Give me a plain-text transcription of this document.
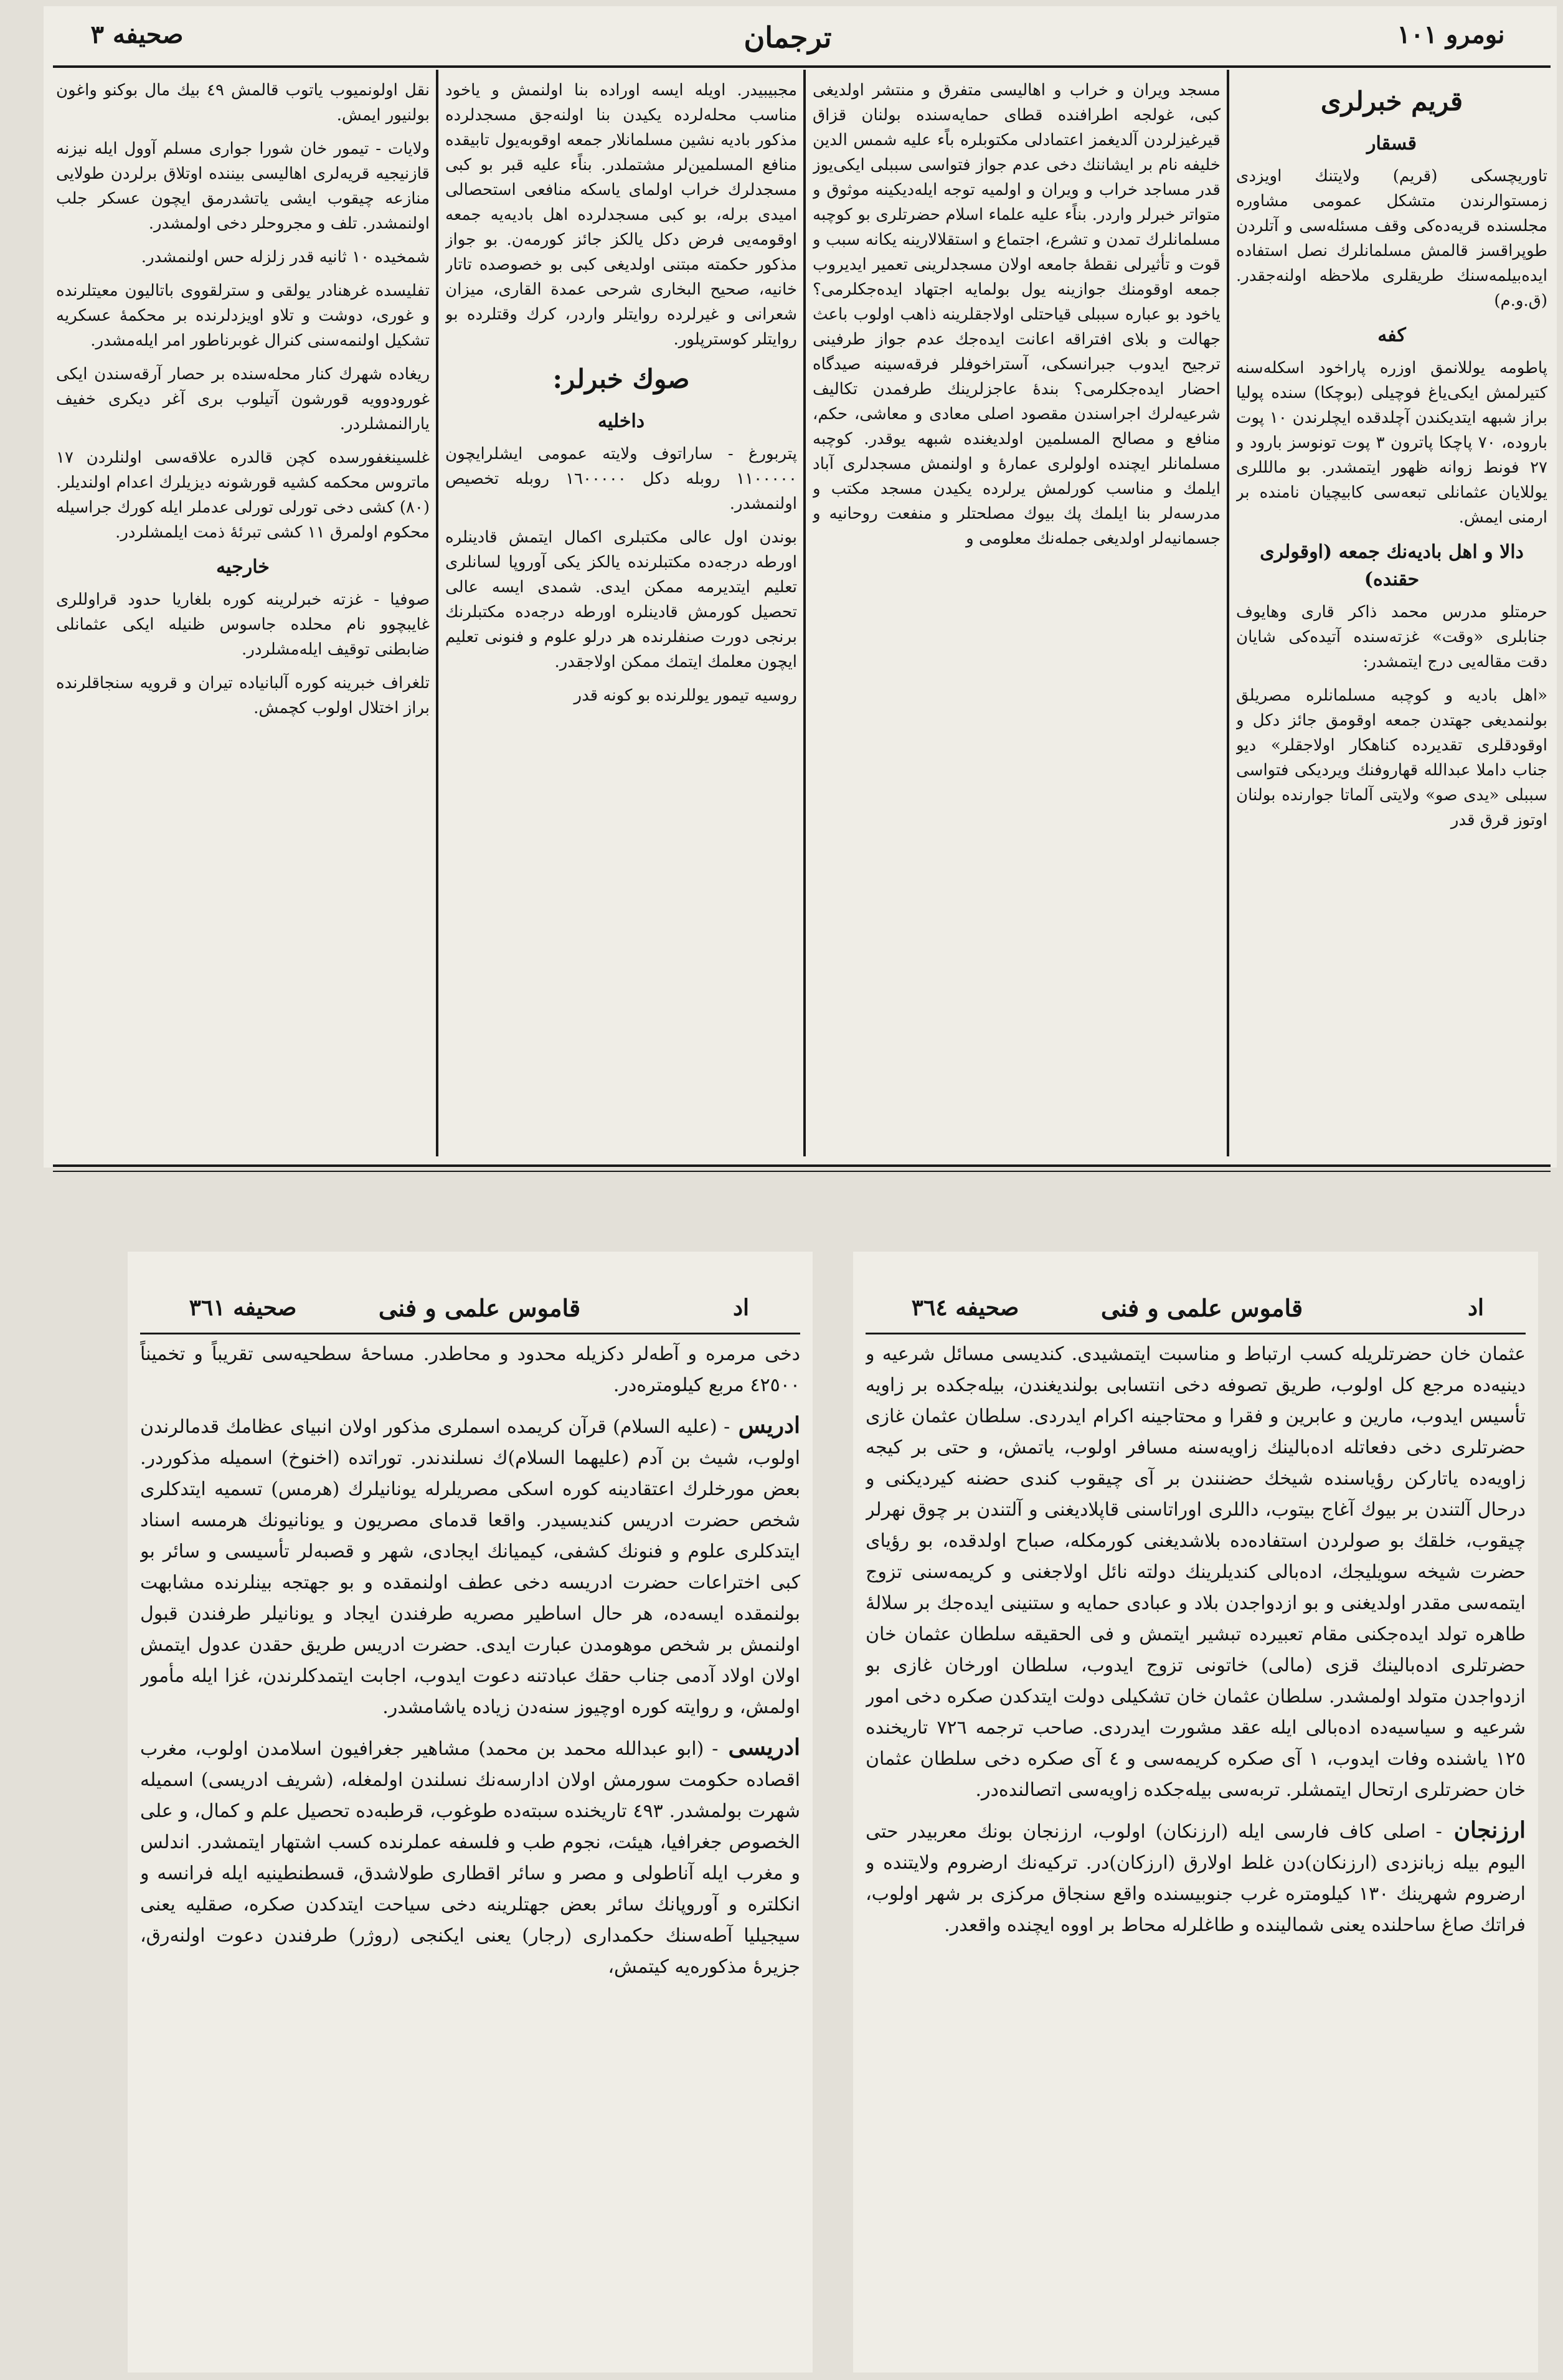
نومرو ١٠١
ترجمان
صحیفه ۳
قریم خبرلری
قسقار

تاوریچسکی (قریم) ولایتنك اویزدی زمستوالرندن متشکل عمومی مشاوره مجلسنده قریه‌ده‌کی وقف مسئله‌سی و آتلردن طوپراقسز قالمش مسلمانلرك نصل استفاده ایده‌بیلمه‌سنك طریقلری ملاحظه اولنه‌جقدر. (ق.و.م)

کفه

پاطومه یوللانمق اوزره پاراخود اسکله‌سنه کتیرلمش ایکی‌یاغ فوچیلی (بوچکا) سنده پولیا براز شبهه ایتدیکندن آچلدقده ایچلرندن ١٠ پوت باروده، ٧٠ پاچکا پاترون ٣ پوت تونوسز بارود و ٢٧ فونط زوانه ظهور ایتمشدر. بو مالللری یوللایان عثمانلی تبعه‌سی کابیچیان نامنده بر ارمنی ایمش.

دالا و اهل بادیه‌نك جمعه (اوقولری حقنده)

حرمتلو مدرس محمد ذاکر قاری وهایوف جنابلری «وقت» غزته‌سنده آتیده‌کی شایان دقت مقاله‌یی درج ایتمشدر:

«اهل بادیه و کوچبه مسلمانلره مصریلق بولنمدیغی جهتدن جمعه اوقومق جائز دکل و اوقودقلری تقدیرده کناهکار اولاجقلر» دیو جناب داملا عبدالله قهاروفنك ویردیکی فتواسی سببلی «یدی صو» ولایتی آلماتا جوارنده بولنان اوتوز قرق قدر

مسجد ویران و خراب و اهالیسی متفرق و منتشر اولدیغی کبی، غولجه اطرافنده قطای حمایه‌سنده بولنان قزاق قیرغیزلردن آلدیغمز اعتمادلی مکتوبلره باًء علیه شمس الدین خلیفه نام بر ایشاننك دخی عدم جواز فتواسی سببلی ایکی‌یوز قدر مساجد خراب و ویران و اولمیه توجه ایله‌دیکینه موثوق و متواتر خبرلر واردر. بناًء علیه علماء اسلام حضرتلری بو کوچبه مسلمانلرك تمدن و تشرع، اجتماع و استقلالارینه یکانه سبب و قوت و تأثیرلی نقطهٔ جامعه اولان مسجدلرینی تعمیر ایدیروب جمعه اوقومنك جوازینه یول بولمایه اجتهاد ایده‌جکلرمی؟ یاخود بو عباره سببلی قیاحتلی اولاجقلرینه ذاهب اولوب باعث جهالت و بلای افتراقه اعانت ایده‌جك عدم جواز طرفینی ترجیح ایدوب جبرانسکی، آستراخوفلر فرقه‌سینه صیدگاه احضار ایده‌جکلرمی؟ بندهٔ عاجزلرینك طرفمدن تکالیف شرعیه‌لرك اجراسندن مقصود اصلی معادی و معاشی، حکم، منافع و مصالح المسلمین اولدیغنده شبهه یوقدر. کوچبه مسلمانلر ایچنده اولولری عمارهٔ و اولنمش مسجدلری آباد ایلمك و مناسب کورلمش یرلرده یکیدن مسجد مکتب و مدرسه‌لر بنا ایلمك پك بیوك مصلحتلر و منفعت روحانیه و جسمانیه‌لر اولدیغی جمله‌نك معلومی و

مجبیبیدر. اویله ایسه اوراده بنا اولنمش و یاخود مناسب محله‌لرده یکیدن بنا اولنه‌جق مسجدلرده مذکور بادیه نشین مسلمانلار جمعه اوقوبه‌یول تابیقده منافع المسلمین‌لر مشتملدر. بناًء علیه قبر بو کبی مسجدلرك خراب اولمای یاسکه منافعی استحصالی امیدی برله، بو کبی مسجدلرده اهل بادیه‌یه جمعه اوقومه‌یی فرض دکل یالکز جائز کورمه‌ن. بو جواز مذکور حکمته مبتنی اولدیغی کبی بو خصوصده تاتار خانیه، صحیح البخاری شرحی عمدة القاری، میزان شعرانی و غیرلرده روایتلر واردر، کرك وقتلرده بو روایتلر کوسترپلور.

صوك خبرلر:
داخلیه

پتربورغ - ساراتوف ولایته عمومی ایشلرایچون ١١٠٠٠٠٠ روبله دکل ١٦٠٠٠٠٠ روبله تخصیص اولنمشدر.

بوندن اول عالی مکتبلری اکمال ایتمش قادینلره اورطه درجه‌ده مکتبلرنده یالکز یکی آوروپا لسانلری تعلیم ایتدیرمه ممکن ایدی. شمدی ایسه عالی تحصیل کورمش قادینلره اورطه درجه‌ده مکتبلرنك برنجی دورت صنفلرنده هر درلو علوم و فنونی تعلیم ایچون معلمك ایتمك ممکن اولاجقدر.

روسیه تیمور یوللرنده بو کونه قدر

نقل اولونمیوب یاتوب قالمش ٤٩ بیك مال بوکنو واغون بولنیور ایمش.

ولایات - تیمور خان شورا جواری مسلم آوول ایله نیزنه قازنیجیه قریه‌لری اهالیسی بیننده اوتلاق برلردن طولایی منازعه چیقوب ایشی یاتشدرمق ایچون عسکر جلب اولنمشدر. تلف و مجروحلر دخی اولمشدر.

شمخیده ١٠ ثانیه قدر زلزله حس اولنمشدر.

تفلیسده غرهنادر یولقی و سترلقووی باتالیون معیتلرنده و غوری، دوشت و تلاو اویزدلرنده بر محکمهٔ عسکریه تشکیل اولنمه‌سنی کنرال غوبرناطور امر ایله‌مشدر.

ریغاده شهرك کنار محله‌سنده بر حصار آرقه‌سندن ایکی غورودوویه قورشون آتیلوب بری آغر دیکری خفیف یارالنمشلردر.

غلسینغفورسده کچن قالدره علاقه‌سی اولنلردن ١٧ ماتروس محکمه کشیه قورشونه دیزیلرك اعدام اولندیلر. (٨٠) کشی دخی تورلی تورلی عدملر ایله کورك جراسیله محکوم اولمرق ١١ کشی تبرئهٔ ذمت ایلمشلردر.

خارجیه

صوفیا - غزته خبرلرینه کوره بلغاریا حدود قراوللری غایبچوو نام محلده جاسوس ظنیله ایکی عثمانلی ضابطنی توقیف ایله‌مشلردر.

تلغراف خبرینه کوره آلبانیاده تیران و قرویه سنجاقلرنده براز اختلال اولوب کچمش.

صحیفه ٣٦١	قاموس علمی و فنی	اد

دخی مرمره و آطه‌لر دکزیله محدود و محاطدر. مساحهٔ سطحیه‌سی تقریباً و تخمیناً ٤٢٥٠٠ مربع کیلومتره‌در.

ادریس - (علیه السلام) قرآن کریمده اسملری مذکور اولان انبیای عظامك قدمالرندن اولوب، شیث بن آدم (علیهما السلام)ك نسلندندر. توراتده (اخنوخ) اسمیله مذکوردر. بعض مورخلرك اعتقادینه کوره اسکی مصریلرله یونانیلرك (هرمس) تسمیه ایتدکلری شخص حضرت ادریس کندیسیدر. واقعا قدمای مصریون و یونانیونك هرمسه اسناد ایتدکلری علوم و فنونك کشفی، کیمیانك ایجادی، شهر و قصبه‌لر تأسیسی و سائر بو کبی اختراعات حضرت ادریسه دخی عطف اولنمقده و بو جهتجه بینلرنده مشابهت بولنمقده ایسه‌ده، هر حال اساطیر مصریه طرفندن ایجاد و یونانیلر طرفندن قبول اولنمش بر شخص موهومدن عبارت ایدی. حضرت ادریس طریق حقدن عدول ایتمش اولان اولاد آدمی جناب حقك عبادتنه دعوت ایدوب، اجابت ایتمدکلرندن، غزا ایله مأمور اولمش، و روایته کوره اوچیوز سنه‌دن زیاده یاشامشدر.

ادریسی - (ابو عبدالله محمد بن محمد) مشاهیر جغرافیون اسلامدن اولوب، مغرب اقصاده حکومت سورمش اولان ادارسه‌نك نسلندن اولمغله، (شریف ادریسی) اسمیله شهرت بولمشدر. ٤٩٣ تاریخنده سبته‌ده طوغوب، قرطبه‌ده تحصیل علم و کمال، و علی الخصوص جغرافیا، هیئت، نجوم طب و فلسفه عملرنده کسب اشتهار ایتمشدر. اندلس و مغرب ایله آناطولی و مصر و سائر اقطاری طولاشدق، قسطنطینیه ایله فرانسه و انکلتره و آوروپانك سائر بعض جهتلرینه دخی سیاحت ایتدکدن صکره، صقلیه یعنی سیجیلیا آطه‌سنك حکمداری (رجار) یعنی ایکنجی (روژر) طرفندن دعوت اولنه‌رق، جزیرهٔ مذکوره‌یه کیتمش،

صحیفه ٣٦٤	قاموس علمی و فنی	اد

عثمان خان حضرتلریله کسب ارتباط و مناسبت ایتمشیدی. کندیسی مسائل شرعیه و دینیه‌ده مرجع کل اولوب، طریق تصوفه دخی انتسابی بولندیغندن، بیله‌جکده بر زاویه تأسیس ایدوب، مارین و عابرین و فقرا و محتاجینه اکرام ایدردی. سلطان عثمان غازی حضرتلری دخی دفعاتله اده‌بالینك زاویه‌سنه مسافر اولوب، یاتمش، و حتی بر کیجه زاویه‌ده یاتارکن رؤیاسنده شیخك حضنندن بر آی چیقوب کندی حضنه کیردیکنی و درحال آلتندن بر بیوك آغاج بیتوب، داللری اوراتاسنی قاپلادیغنی و آلتندن بر چوق نهرلر چیقوب، خلقك بو صولردن استفاده‌ده بلاشدیغنی کورمکله، صباح اولدقده، بو رؤیای حضرت شیخه سویلیجك، اده‌بالی کندیلرینك دولته نائل اولاجغنی و کریمه‌سنی تزوج ایتمه‌سی مقدر اولدیغنی و بو ازدواجدن بلاد و عبادی حمایه و ستنینی ایده‌جك بر سلالهٔ طاهره تولد ایده‌جکنی مقام تعبیرده تبشیر ایتمش و فی الحقیقه سلطان عثمان خان حضرتلری اده‌بالینك قزی (مالی) خاتونی تزوج ایدوب، سلطان اورخان غازی بو ازدواجدن متولد اولمشدر. سلطان عثمان خان تشکیلی دولت ایتدکدن صکره دخی امور شرعیه و سیاسیه‌ده اده‌بالی ایله عقد مشورت ایدردی. صاحب ترجمه ٧٢٦ تاریخنده ١٢٥ یاشنده وفات ایدوب، ١ آی صکره کریمه‌سی و ٤ آی صکره دخی سلطان عثمان خان حضرتلری ارتحال ایتمشلر. تربه‌سی بیله‌جکده زاویه‌سی اتصالنده‌در.

ارزنجان - اصلی کاف فارسی ایله (ارزنکان) اولوب، ارزنجان بونك معربیدر حتی الیوم بیله زبانزدی (ارزنکان)دن غلط اولارق (ارزکان)در. ترکیه‌نك ارضروم ولایتنده و ارضروم شهرینك ١٣٠ کیلومتره غرب جنوبیسنده واقع سنجاق مرکزی بر شهر اولوب، فراتك صاغ ساحلنده یعنی شمالینده و طاغلرله محاط بر اووه ایچنده واقعدر.
